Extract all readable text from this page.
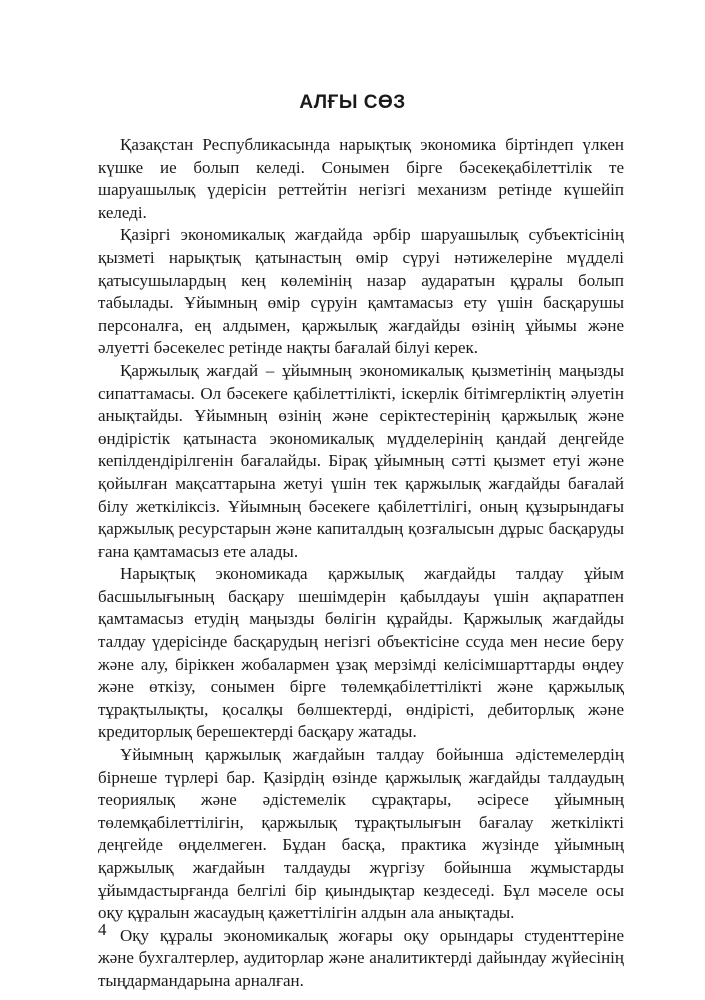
АЛҒЫ СӨЗ

Қазақстан Республикасында нарықтық экономика біртіндеп үлкен күшке ие болып келеді. Сонымен бірге бәсекеқабілеттілік те шаруашылық үдерісін реттейтін негізгі механизм ретінде күшейіп келеді.

Қазіргі экономикалық жағдайда әрбір шаруашылық субъектісінің қызметі нарықтық қатынастың өмір сүруі нәтижелеріне мүдделі қатысушылардың кең көлемінің назар аударатын құралы болып табылады. Ұйымның өмір сүруін қамтамасыз ету үшін басқарушы персоналға, ең алдымен, қаржылық жағдайды өзінің ұйымы және әлуетті бәсекелес ретінде нақты бағалай білуі керек.

Қаржылық жағдай – ұйымның экономикалық қызметінің маңызды сипаттамасы. Ол бәсекеге қабілеттілікті, іскерлік бітімгерліктің әлуетін анықтайды. Ұйымның өзінің және серіктестерінің қаржылық және өндірістік қатынаста экономикалық мүдделерінің қандай деңгейде кепілдендірілгенін бағалайды. Бірақ ұйымның сәтті қызмет етуі және қойылған мақсаттарына жетуі үшін тек қаржылық жағдайды бағалай білу жеткіліксіз. Ұйымның бәсекеге қабілеттілігі, оның құзырындағы қаржылық ресурстарын және капиталдың қозғалысын дұрыс басқаруды ғана қамтамасыз ете алады.

Нарықтық экономикада қаржылық жағдайды талдау ұйым басшылығының басқару шешімдерін қабылдауы үшін ақпаратпен қамтамасыз етудің маңызды бөлігін құрайды. Қаржылық жағдайды талдау үдерісінде басқарудың негізгі объектісіне ссуда мен несие беру және алу, біріккен жобалармен ұзақ мерзімді келісімшарттарды өңдеу және өткізу, сонымен бірге төлемқабілеттілікті және қаржылық тұрақтылықты, қосалқы бөлшектерді, өндірісті, дебиторлық және кредиторлық берешектерді басқару жатады.

Ұйымның қаржылық жағдайын талдау бойынша әдістемелердің бірнеше түрлері бар. Қазірдің өзінде қаржылық жағдайды талдаудың теориялық және әдістемелік сұрақтары, әсіресе ұйымның төлемқабілеттілігін, қаржылық тұрақтылығын бағалау жеткілікті деңгейде өңделмеген. Бұдан басқа, практика жүзінде ұйымның қаржылық жағдайын талдауды жүргізу бойынша жұмыстарды ұйымдастырғанда белгілі бір қиындықтар кездеседі. Бұл мәселе осы оқу құралын жасаудың қажеттілігін алдын ала анықтады.

Оқу құралы экономикалық жоғары оқу орындары студенттеріне және бухгалтерлер, аудиторлар және аналитиктерді дайындау жүйесінің тыңдармандарына арналған.

4
